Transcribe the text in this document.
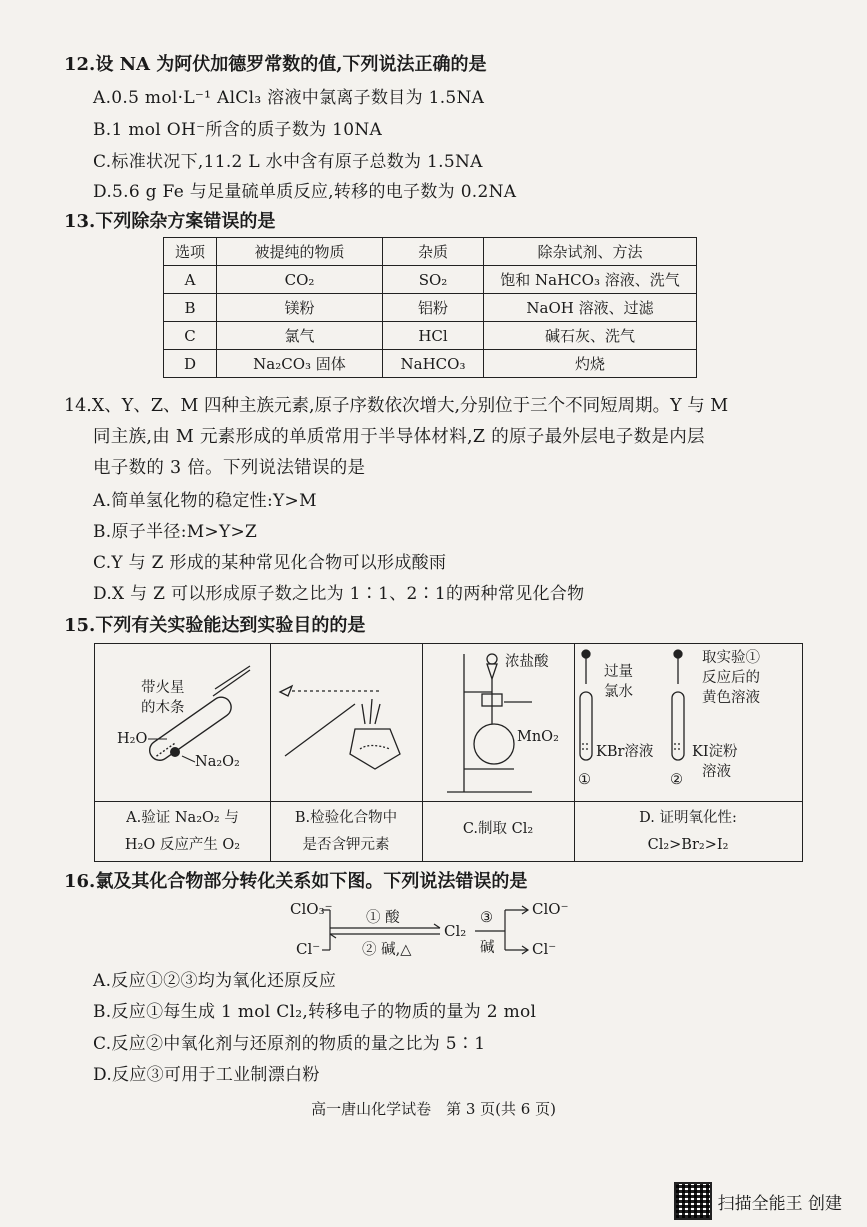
12.设 NA 为阿伏加德罗常数的值,下列说法正确的是
A.0.5 mol·L⁻¹ AlCl₃ 溶液中氯离子数目为 1.5NA
B.1 mol OH⁻所含的质子数为 10NA
C.标准状况下,11.2 L 水中含有原子总数为 1.5NA
D.5.6 g Fe 与足量硫单质反应,转移的电子数为 0.2NA
13.下列除杂方案错误的是
选项	被提纯的物质	杂质	除杂试剂、方法
A	CO₂	SO₂	饱和 NaHCO₃ 溶液、洗气
B	镁粉	铝粉	NaOH 溶液、过滤
C	氯气	HCl	碱石灰、洗气
D	Na₂CO₃ 固体	NaHCO₃	灼烧
14.X、Y、Z、M 四种主族元素,原子序数依次增大,分别位于三个不同短周期。Y 与 M
同主族,由 M 元素形成的单质常用于半导体材料,Z 的原子最外层电子数是内层
电子数的 3 倍。下列说法错误的是
A.简单氢化物的稳定性:Y>M
B.原子半径:M>Y>Z
C.Y 与 Z 形成的某种常见化合物可以形成酸雨
D.X 与 Z 可以形成原子数之比为 1∶1、2∶1的两种常见化合物
15.下列有关实验能达到实验目的的是
带火星
的木条
H₂O
Na₂O₂
A.验证 Na₂O₂ 与
H₂O 反应产生 O₂
B.检验化合物中
是否含钾元素
浓盐酸
MnO₂
C.制取 Cl₂
过量
氯水
取实验①
反应后的
黄色溶液
KBr溶液	KI淀粉
溶液
①	②
D. 证明氧化性:
Cl₂>Br₂>I₂
16.氯及其化合物部分转化关系如下图。下列说法错误的是
ClO₃⁻
Cl⁻
① 酸
② 碱,△
Cl₂
③
碱
ClO⁻
Cl⁻
A.反应①②③均为氧化还原反应
B.反应①每生成 1 mol Cl₂,转移电子的物质的量为 2 mol
C.反应②中氧化剂与还原剂的物质的量之比为 5∶1
D.反应③可用于工业制漂白粉
高一唐山化学试卷　第 3 页(共 6 页)
扫描全能王 创建
